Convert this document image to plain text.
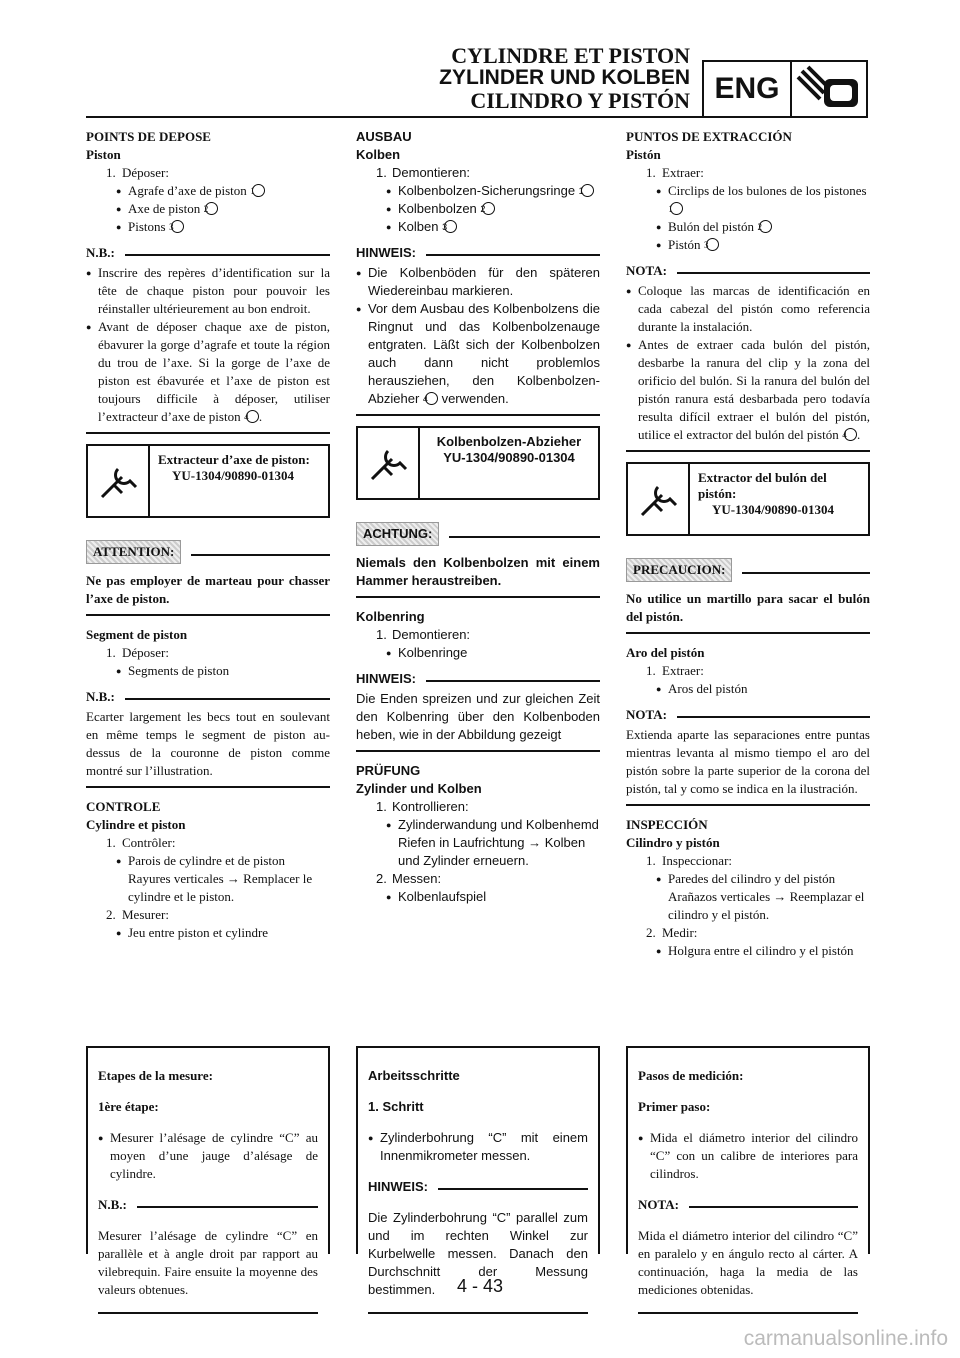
CYLINDRE ET PISTON
ZYLINDER UND KOLBEN
CILINDRO Y PISTÓN ENG

POINTS DE DEPOSE

Piston

1. Déposer:

● Agrafe d’axe de piston 1

● Axe de piston 2

● Pistons 3

N.B.:

● Inscrire des repères d’identification sur la tête de chaque piston pour pouvoir les réinstaller ultérieurement au bon endroit.

● Avant de déposer chaque axe de piston, ébavurer la gorge d’agrafe et toute la région du trou de l’axe. Si la gorge de l’axe de piston est ébavurée et l’axe de piston est toujours difficile à déposer, utiliser l’extracteur d’axe de piston 4 .

Extracteur d’axe de piston:
YU-1304/90890-01304
ATTENTION:

Ne pas employer de marteau pour chasser l’axe de piston.

Segment de piston

1. Déposer:

● Segments de piston

N.B.:

Ecarter largement les becs tout en soulevant en même temps le segment de piston au-dessus de la couronne de piston comme montré sur l’illustration.

CONTROLE

Cylindre et piston

1. Contrôler:

● Parois de cylindre et de piston

Rayures verticales → Remplacer le cylindre et le piston.

2. Mesurer:

● Jeu entre piston et cylindre

AUSBAU

Kolben

1. Demontieren:

● Kolbenbolzen-Sicherungsringe 1

● Kolbenbolzen 2

● Kolben 3

HINWEIS:

● Die Kolbenböden für den späteren Wiedereinbau markieren.

● Vor dem Ausbau des Kolbenbolzens die Ringnut und das Kolbenbolzenauge entgraten. Läßt sich der Kolbenbolzen auch dann nicht problemlos herausziehen, den Kolbenbolzen-Abzieher 4 verwenden.

Kolbenbolzen-Abzieher
YU-1304/90890-01304
ACHTUNG:

Niemals den Kolbenbolzen mit einem Hammer heraustreiben.

Kolbenring

1. Demontieren:

● Kolbenringe

HINWEIS:

Die Enden spreizen und zur gleichen Zeit den Kolbenring über den Kolbenboden heben, wie in der Abbildung gezeigt

PRÜFUNG

Zylinder und Kolben

1. Kontrollieren:

● Zylinderwandung und Kolbenhemd

Riefen in Laufrichtung → Kolben und Zylinder erneuern.

2. Messen:

● Kolbenlaufspiel

PUNTOS DE EXTRACCIÓN

Pistón

1. Extraer:

● Circlips de los bulones de los pistones 1

● Bulón del pistón 2

● Pistón 3

NOTA:

● Coloque las marcas de identificación en cada cabezal del pistón como referencia durante la instalación.

● Antes de extraer cada bulón del pistón, desbarbe la ranura del clip y la zona del orificio del bulón. Si la ranura del bulón del pistón ranura está desbarbada pero todavía resulta difícil extraer el bulón del pistón, utilice el extractor del bulón del pistón 4 .

Extractor del bulón del pistón:
YU-1304/90890-01304
PRECAUCION:

No utilice un martillo para sacar el bulón del pistón.

Aro del pistón

1. Extraer:

● Aros del pistón

NOTA:

Extienda aparte las separaciones entre puntas mientras levanta al mismo tiempo el aro del pistón sobre la parte superior de la corona del pistón, tal y como se indica en la ilustración.

INSPECCIÓN

Cilindro y pistón

1. Inspeccionar:

● Paredes del cilindro y del pistón

Arañazos verticales → Reemplazar el cilindro y el pistón.

2. Medir:

● Holgura entre el cilindro y el pistón

Etapes de la mesure:

1ère étape:

● Mesurer l’alésage de cylindre “C” au moyen d’une jauge d’alésage de cylindre.

N.B.:

Mesurer l’alésage de cylindre “C” en parallèle et à angle droit par rapport au vilebrequin. Faire ensuite la moyenne des valeurs obtenues.

Arbeitsschritte

1. Schritt

● Zylinderbohrung “C” mit einem Innenmikrometer messen.

HINWEIS:

Die Zylinderbohrung “C” parallel zum und im rechten Winkel zur Kurbelwelle messen. Danach den Durchschnitt der Messung bestimmen.

Pasos de medición:

Primer paso:

● Mida el diámetro interior del cilindro “C” con un calibre de interiores para cilindros.

NOTA:

Mida el diámetro interior del cilindro “C” en paralelo y en ángulo recto al cárter. A continuación, haga la media de las mediciones obtenidas.

4 - 43
carmanualsonline.info
